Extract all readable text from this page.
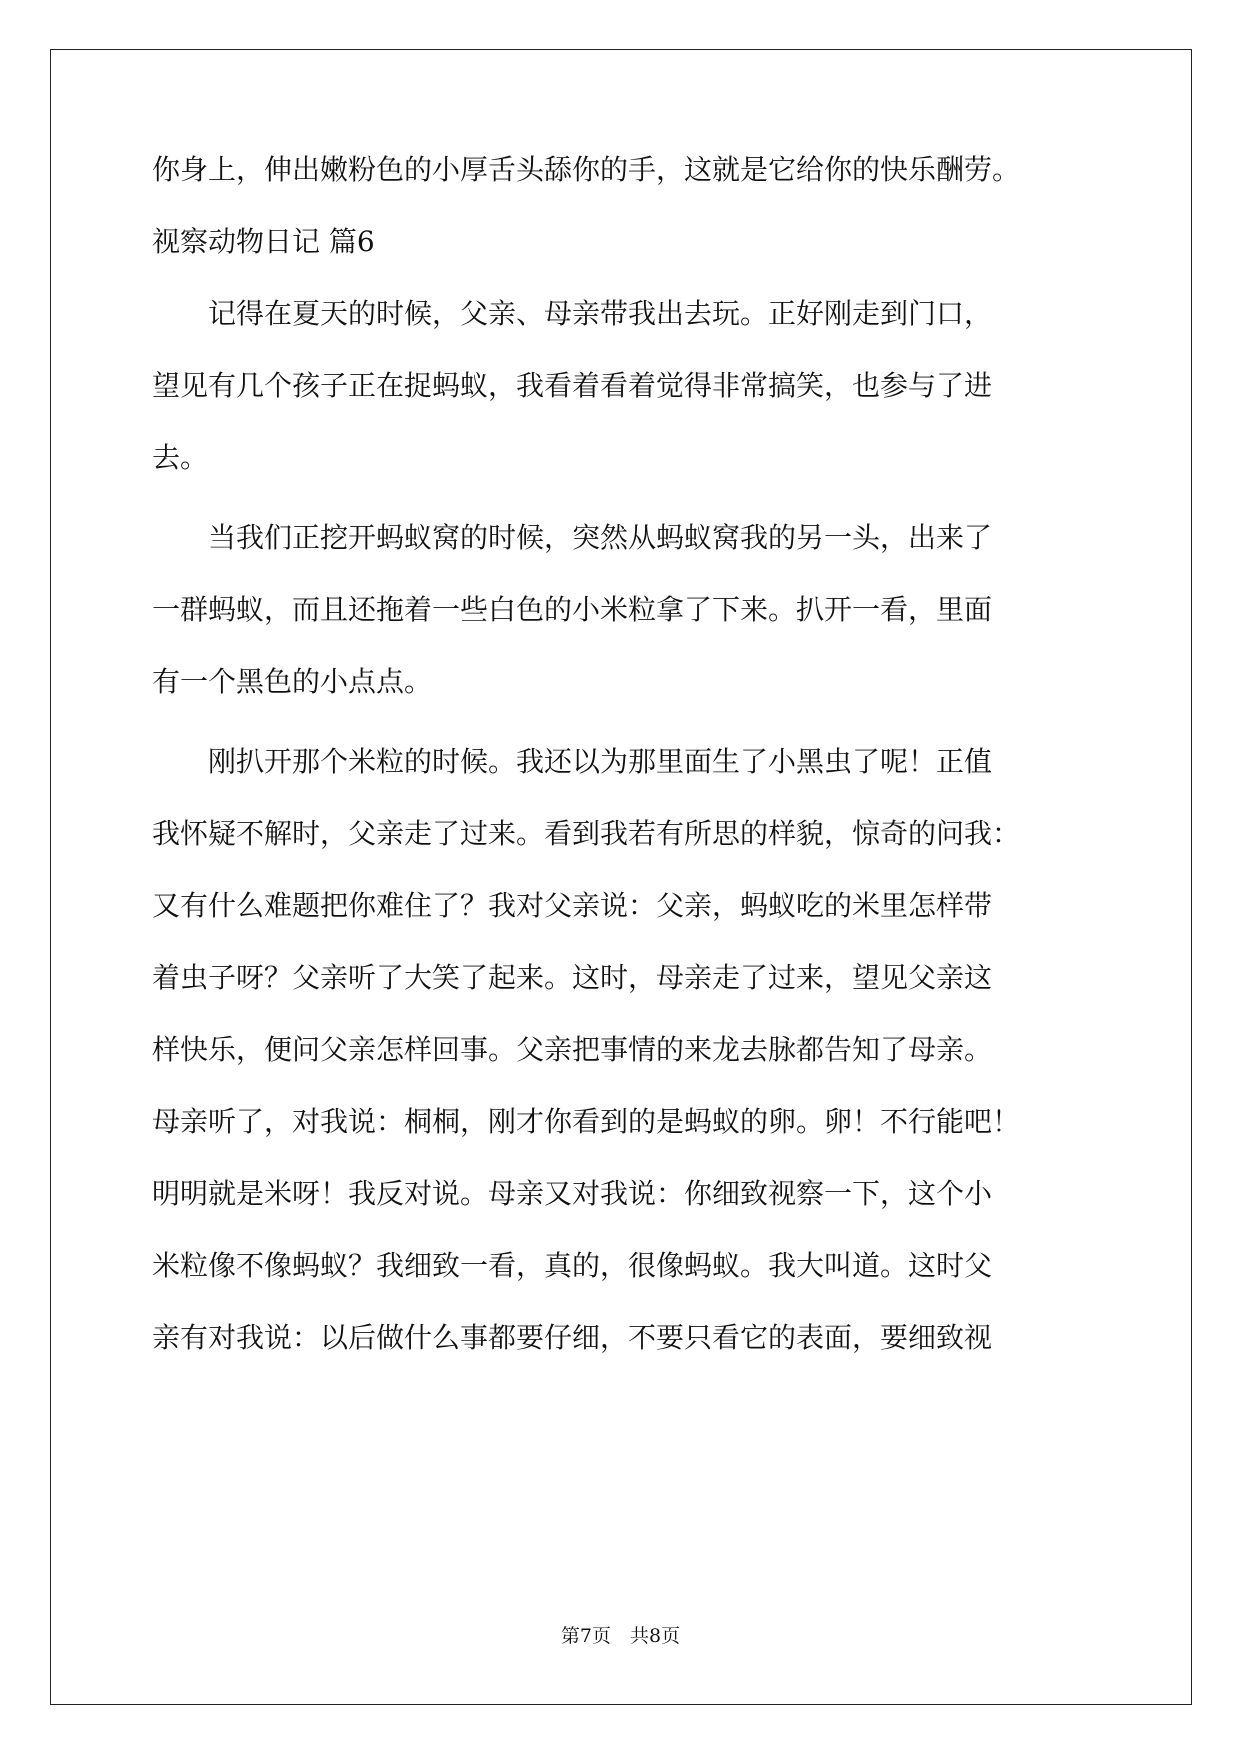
你身上，伸出嫩粉色的小厚舌头舔你的手，这就是它给你的快乐酬劳。
视察动物日记 篇6
　　记得在夏天的时候，父亲、母亲带我出去玩。正好刚走到门口，
望见有几个孩子正在捉蚂蚁，我看着看着觉得非常搞笑，也参与了进
去。
　　当我们正挖开蚂蚁窝的时候，突然从蚂蚁窝我的另一头，出来了
一群蚂蚁，而且还拖着一些白色的小米粒拿了下来。扒开一看，里面
有一个黑色的小点点。
　　刚扒开那个米粒的时候。我还以为那里面生了小黑虫了呢！正值
我怀疑不解时，父亲走了过来。看到我若有所思的样貌，惊奇的问我：
又有什么难题把你难住了？我对父亲说：父亲，蚂蚁吃的米里怎样带
着虫子呀？父亲听了大笑了起来。这时，母亲走了过来，望见父亲这
样快乐，便问父亲怎样回事。父亲把事情的来龙去脉都告知了母亲。
母亲听了，对我说：桐桐，刚才你看到的是蚂蚁的卵。卵！不行能吧！
明明就是米呀！我反对说。母亲又对我说：你细致视察一下，这个小
米粒像不像蚂蚁？我细致一看，真的，很像蚂蚁。我大叫道。这时父
亲有对我说：以后做什么事都要仔细，不要只看它的表面，要细致视
第7页　共8页
